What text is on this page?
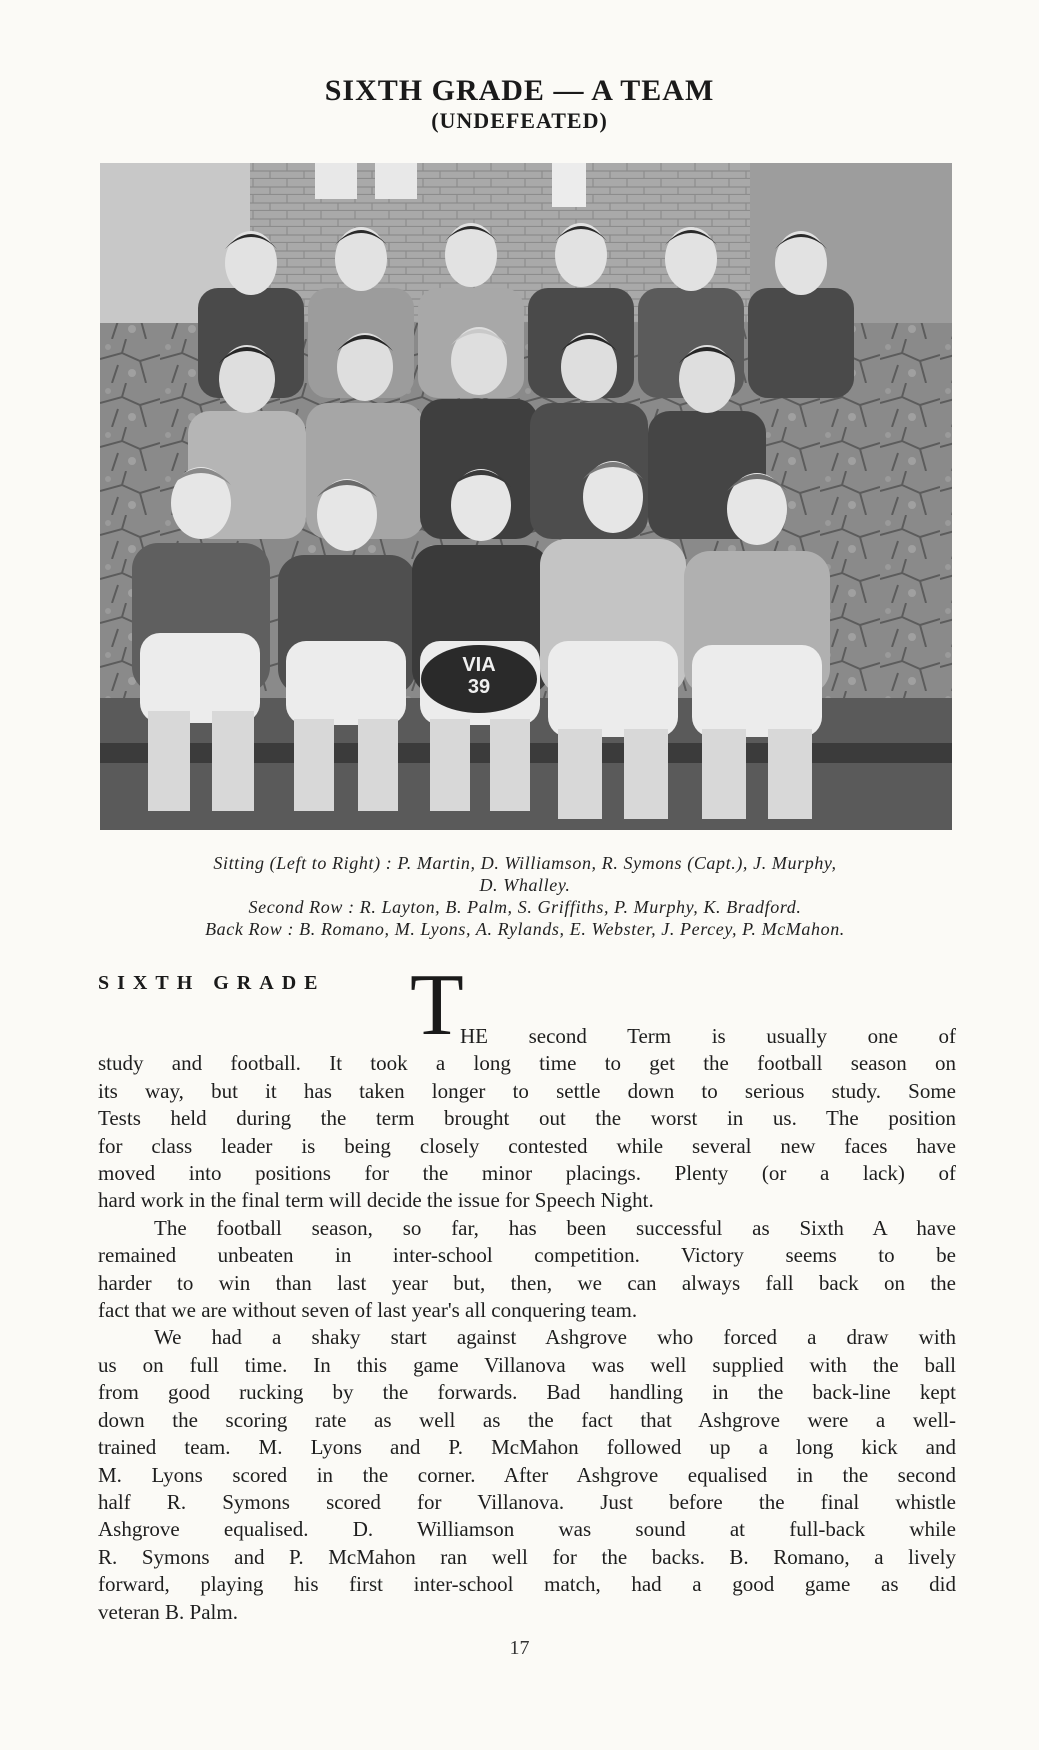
SIXTH GRADE — A TEAM
(UNDEFEATED)
VIA
39
Sitting (Left to Right) : P. Martin, D. Williamson, R. Symons (Capt.), J. Murphy,
D. Whalley.
Second Row : R. Layton, B. Palm, S. Griffiths, P. Murphy, K. Bradford.
Back Row : B. Romano, M. Lyons, A. Rylands, E. Webster, J. Percey, P. McMahon.
SIXTH GRADE T
HE second Term is usually one of
study and football. It took a long time to get the football season on
its way, but it has taken longer to settle down to serious study. Some
Tests held during the term brought out the worst in us. The position
for class leader is being closely contested while several new faces have
moved into positions for the minor placings. Plenty (or a lack) of
hard work in the final term will decide the issue for Speech Night.
The football season, so far, has been successful as Sixth A have
remained unbeaten in inter-school competition. Victory seems to be
harder to win than last year but, then, we can always fall back on the
fact that we are without seven of last year's all conquering team.
We had a shaky start against Ashgrove who forced a draw with
us on full time. In this game Villanova was well supplied with the ball
from good rucking by the forwards. Bad handling in the back-line kept
down the scoring rate as well as the fact that Ashgrove were a well-
trained team. M. Lyons and P. McMahon followed up a long kick and
M. Lyons scored in the corner. After Ashgrove equalised in the second
half R. Symons scored for Villanova. Just before the final whistle
Ashgrove equalised. D. Williamson was sound at full-back while
R. Symons and P. McMahon ran well for the backs. B. Romano, a lively
forward, playing his first inter-school match, had a good game as did
veteran B. Palm.
17
